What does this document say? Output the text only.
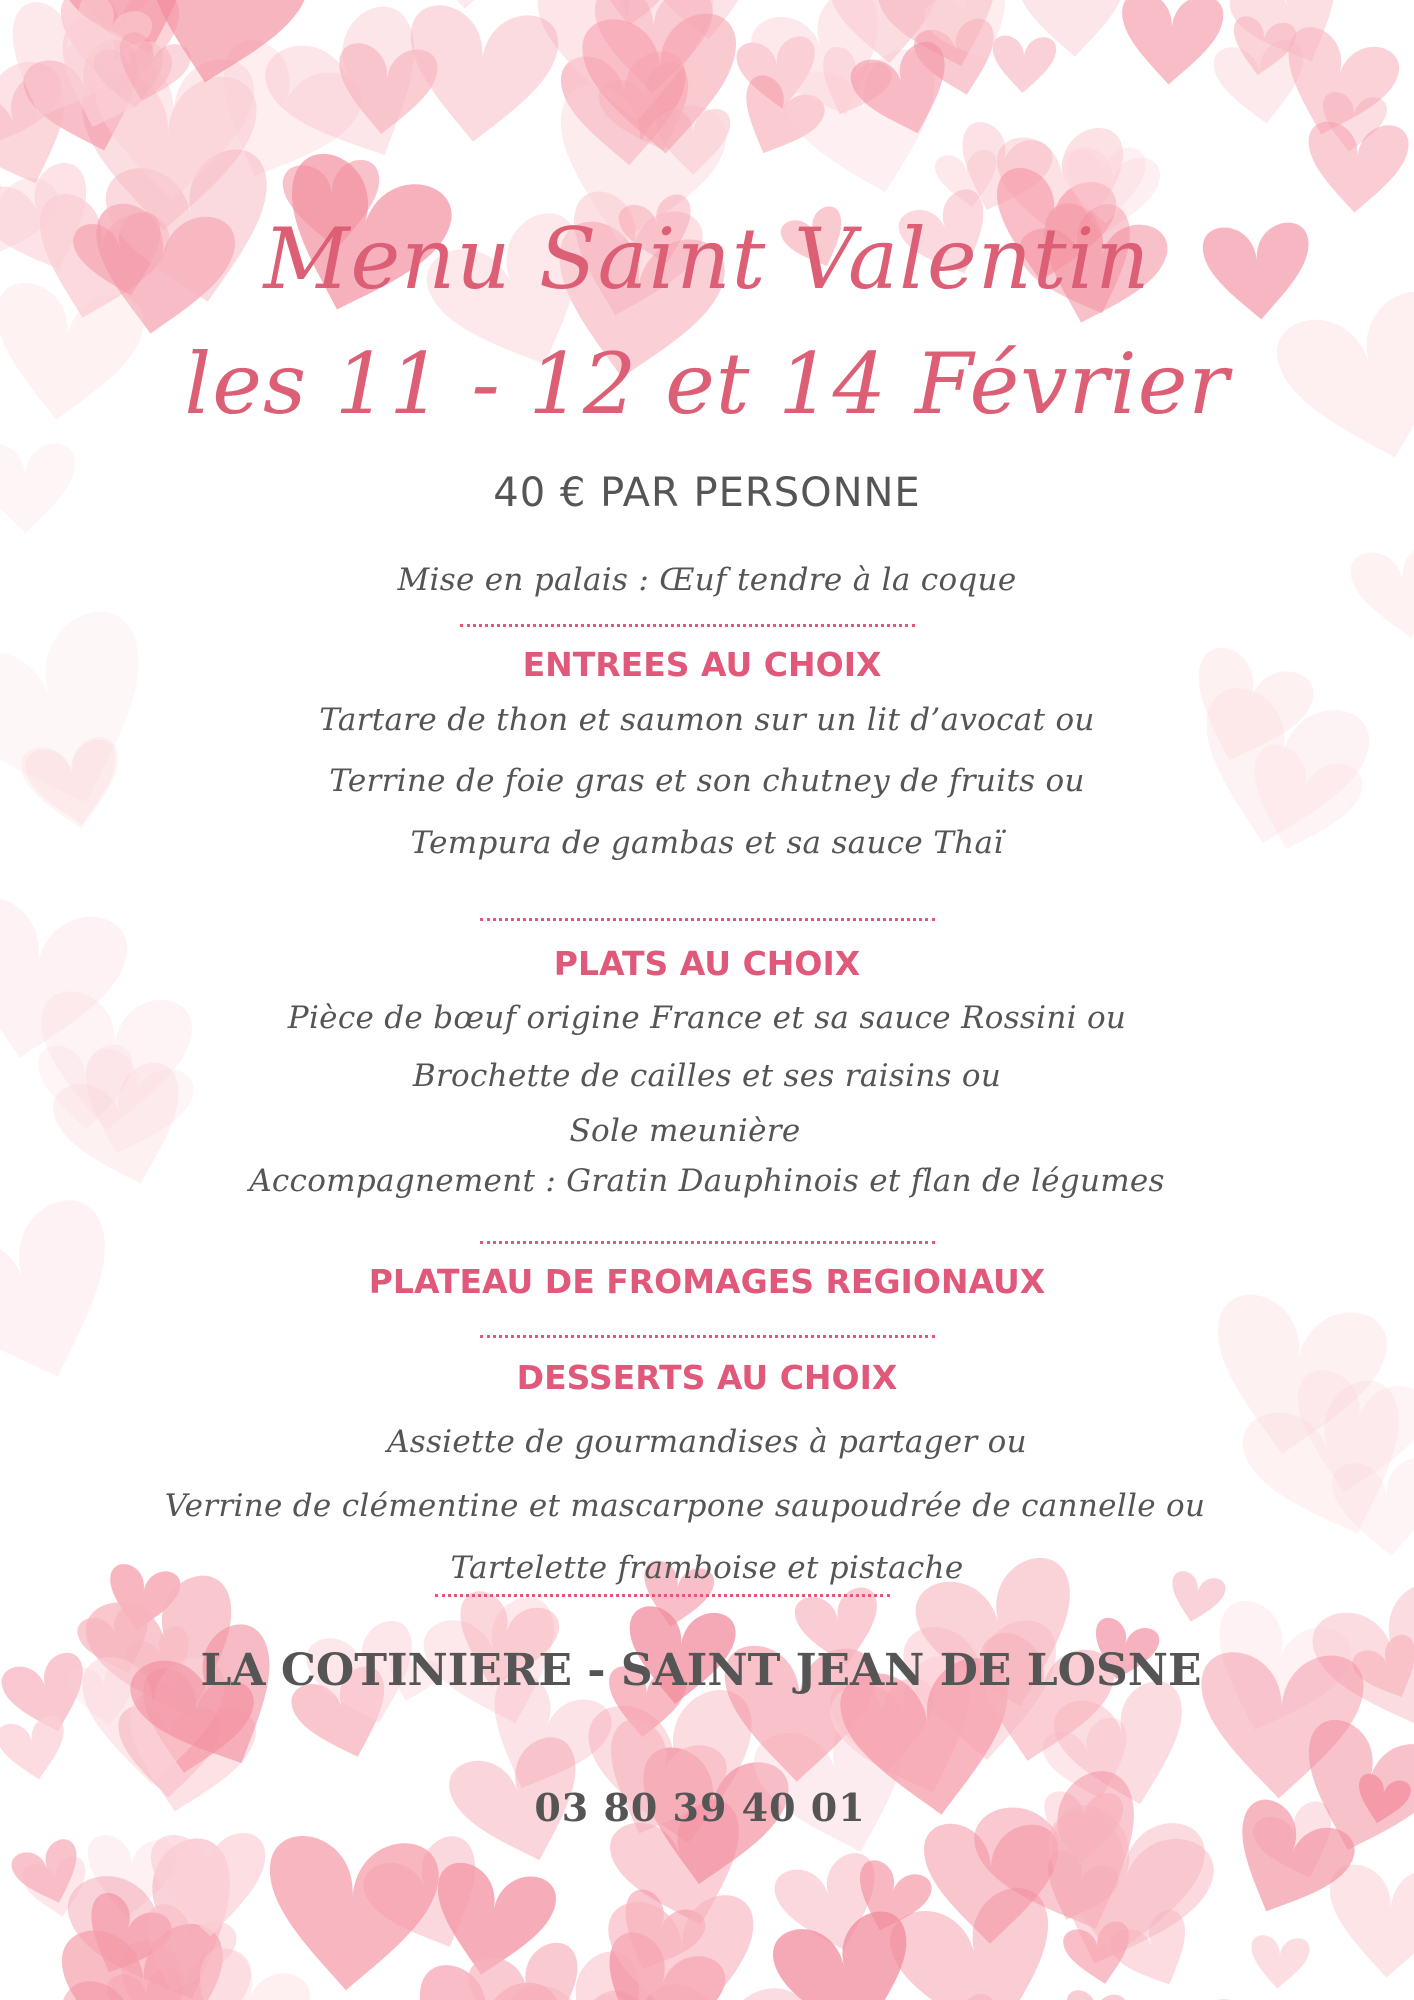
Menu Saint Valentin
les 11 - 12 et 14 Février
40 € PAR PERSONNE
Mise en palais : Œuf tendre à la coque
ENTREES AU CHOIX
Tartare de thon et saumon sur un lit d’avocat ou
Terrine de foie gras et son chutney de fruits ou
Tempura de gambas et sa sauce Thaï
PLATS AU CHOIX
Pièce de bœuf origine France et sa sauce Rossini ou
Brochette de cailles et ses raisins ou
Sole meunière
Accompagnement : Gratin Dauphinois et flan de légumes
PLATEAU DE FROMAGES REGIONAUX
DESSERTS AU CHOIX
Assiette de gourmandises à partager ou
Verrine de clémentine et mascarpone saupoudrée de cannelle ou
Tartelette framboise et pistache
LA COTINIERE - SAINT JEAN DE LOSNE
03 80 39 40 01
